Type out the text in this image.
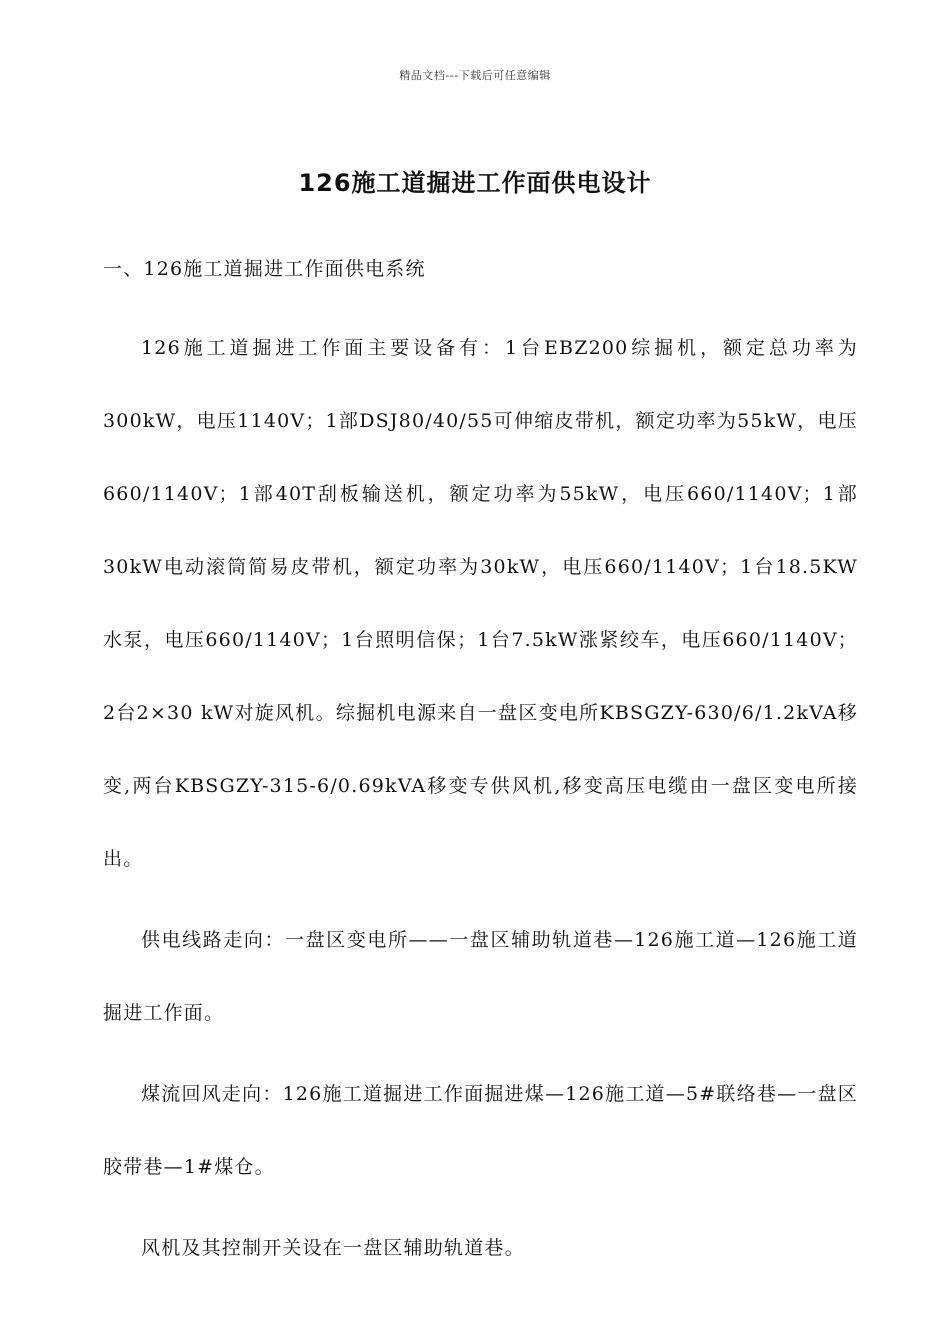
精品文档---下载后可任意编辑
126施工道掘进工作面供电设计

一、126施工道掘进工作面供电系统

126施工道掘进工作面主要设备有：1台EBZ200综掘机，额定总功率为300kW，电压1140V；1部DSJ80/40/55可伸缩皮带机，额定功率为55kW，电压660/1140V；1部40T刮板输送机，额定功率为55kW，电压660/1140V；1部30kW电动滚筒简易皮带机，额定功率为30kW，电压660/1140V；1台18.5KW水泵，电压660/1140V；1台照明信保；1台7.5kW涨紧绞车，电压660/1140V；2台2×30 kW对旋风机。综掘机电源来自一盘区变电所KBSGZY-630/6/1.2kVA移变,两台KBSGZY-315-6/0.69kVA移变专供风机,移变高压电缆由一盘区变电所接出。

供电线路走向：一盘区变电所——一盘区辅助轨道巷—126施工道—126施工道掘进工作面。

煤流回风走向：126施工道掘进工作面掘进煤—126施工道—5#联络巷—一盘区胶带巷—1#煤仓。

风机及其控制开关设在一盘区辅助轨道巷。
